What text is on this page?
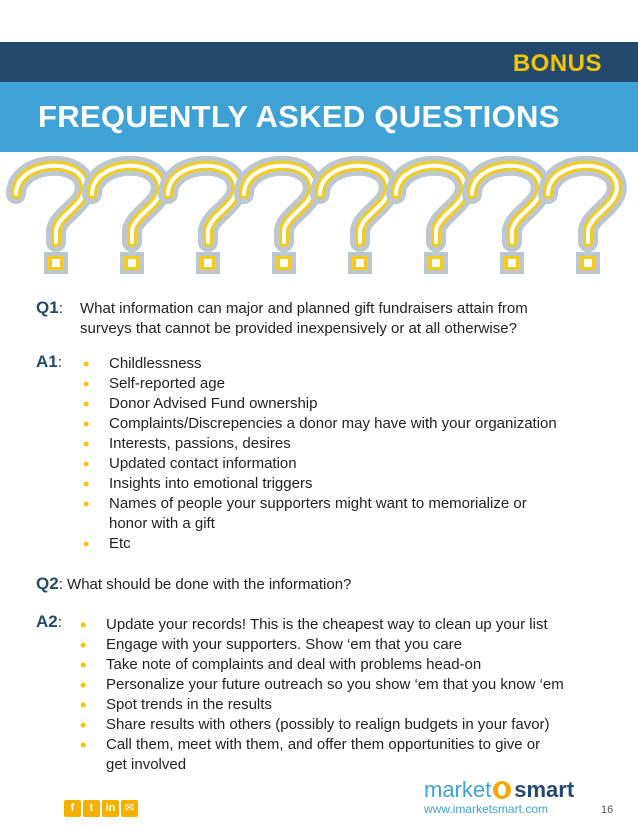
BONUS
FREQUENTLY ASKED QUESTIONS
Q1: What information can major and planned gift fundraisers attain from
surveys that cannot be provided inexpensively or at all otherwise?
A1: • Childlessness
• Self-reported age
• Donor Advised Fund ownership
• Complaints/Discrepencies a donor may have with your organization
• Interests, passions, desires
• Updated contact information
• Insights into emotional triggers
• Names of people your supporters might want to memorialize or
honor with a gift
• Etc
Q2: What should be done with the information?
A2: • Update your records! This is the cheapest way to clean up your list
• Engage with your supporters. Show ‘em that you care
• Take note of complaints and deal with problems head-on
• Personalize your future outreach so you show ‘em that you know ‘em
• Spot trends in the results
• Share results with others (possibly to realign budgets in your favor)
• Call them, meet with them, and offer them opportunities to give or
get involved
f	t	in ✉
market smart
www.imarketsmart.com	16
